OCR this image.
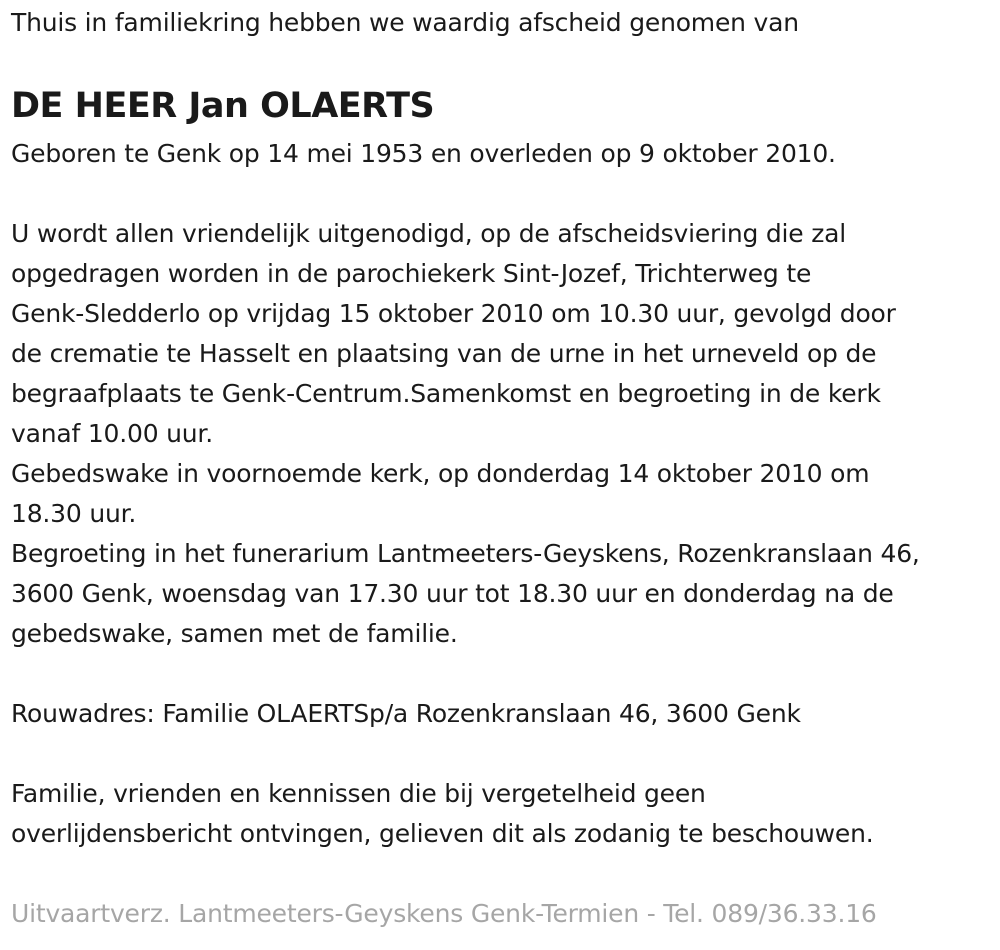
Thuis in familiekring hebben we waardig afscheid genomen van
DE HEER Jan OLAERTS
Geboren te Genk op 14 mei 1953 en overleden op 9 oktober 2010.
U wordt allen vriendelijk uitgenodigd, op de afscheidsviering die zal
opgedragen worden in de parochiekerk Sint-Jozef, Trichterweg te
Genk-Sledderlo op vrijdag 15 oktober 2010 om 10.30 uur, gevolgd door
de crematie te Hasselt en plaatsing van de urne in het urneveld op de
begraafplaats te Genk-Centrum.Samenkomst en begroeting in de kerk
vanaf 10.00 uur.
Gebedswake in voornoemde kerk, op donderdag 14 oktober 2010 om
18.30 uur.
Begroeting in het funerarium Lantmeeters-Geyskens, Rozenkranslaan 46,
3600 Genk, woensdag van 17.30 uur tot 18.30 uur en donderdag na de
gebedswake, samen met de familie.
Rouwadres: Familie OLAERTSp/a Rozenkranslaan 46, 3600 Genk
Familie, vrienden en kennissen die bij vergetelheid geen
overlijdensbericht ontvingen, gelieven dit als zodanig te beschouwen.
Uitvaartverz. Lantmeeters-Geyskens Genk-Termien - Tel. 089/36.33.16
